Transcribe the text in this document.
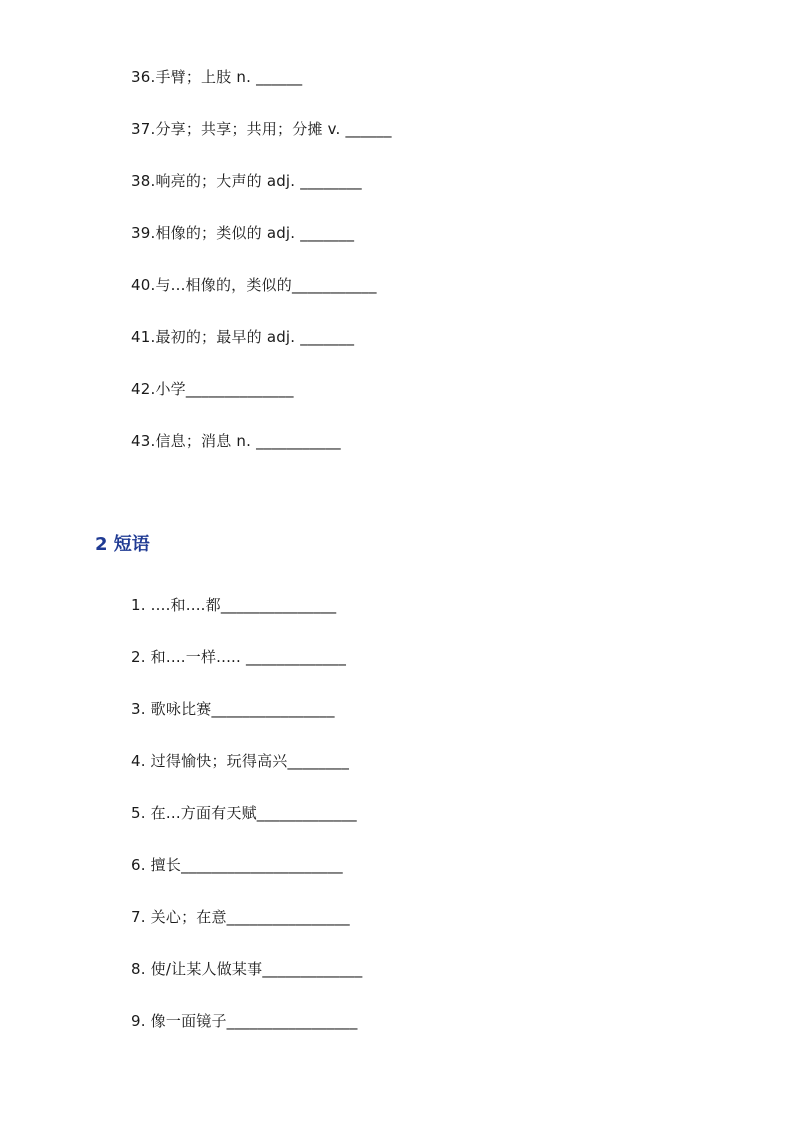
36.手臂；上肢 n. ______
37.分享；共享；共用；分摊 v. ______
38.响亮的；大声的 adj. ________
39.相像的；类似的 adj. _______
40.与...相像的，类似的___________
41.最初的；最早的 adj. _______
42.小学______________
43.信息；消息 n. ___________
2 短语
1. ....和....都_______________
2. 和....一样..... _____________
3. 歌咏比赛________________
4. 过得愉快；玩得高兴________
5. 在...方面有天赋_____________
6. 擅长_____________________
7. 关心；在意________________
8. 使/让某人做某事_____________
9. 像一面镜子_________________
